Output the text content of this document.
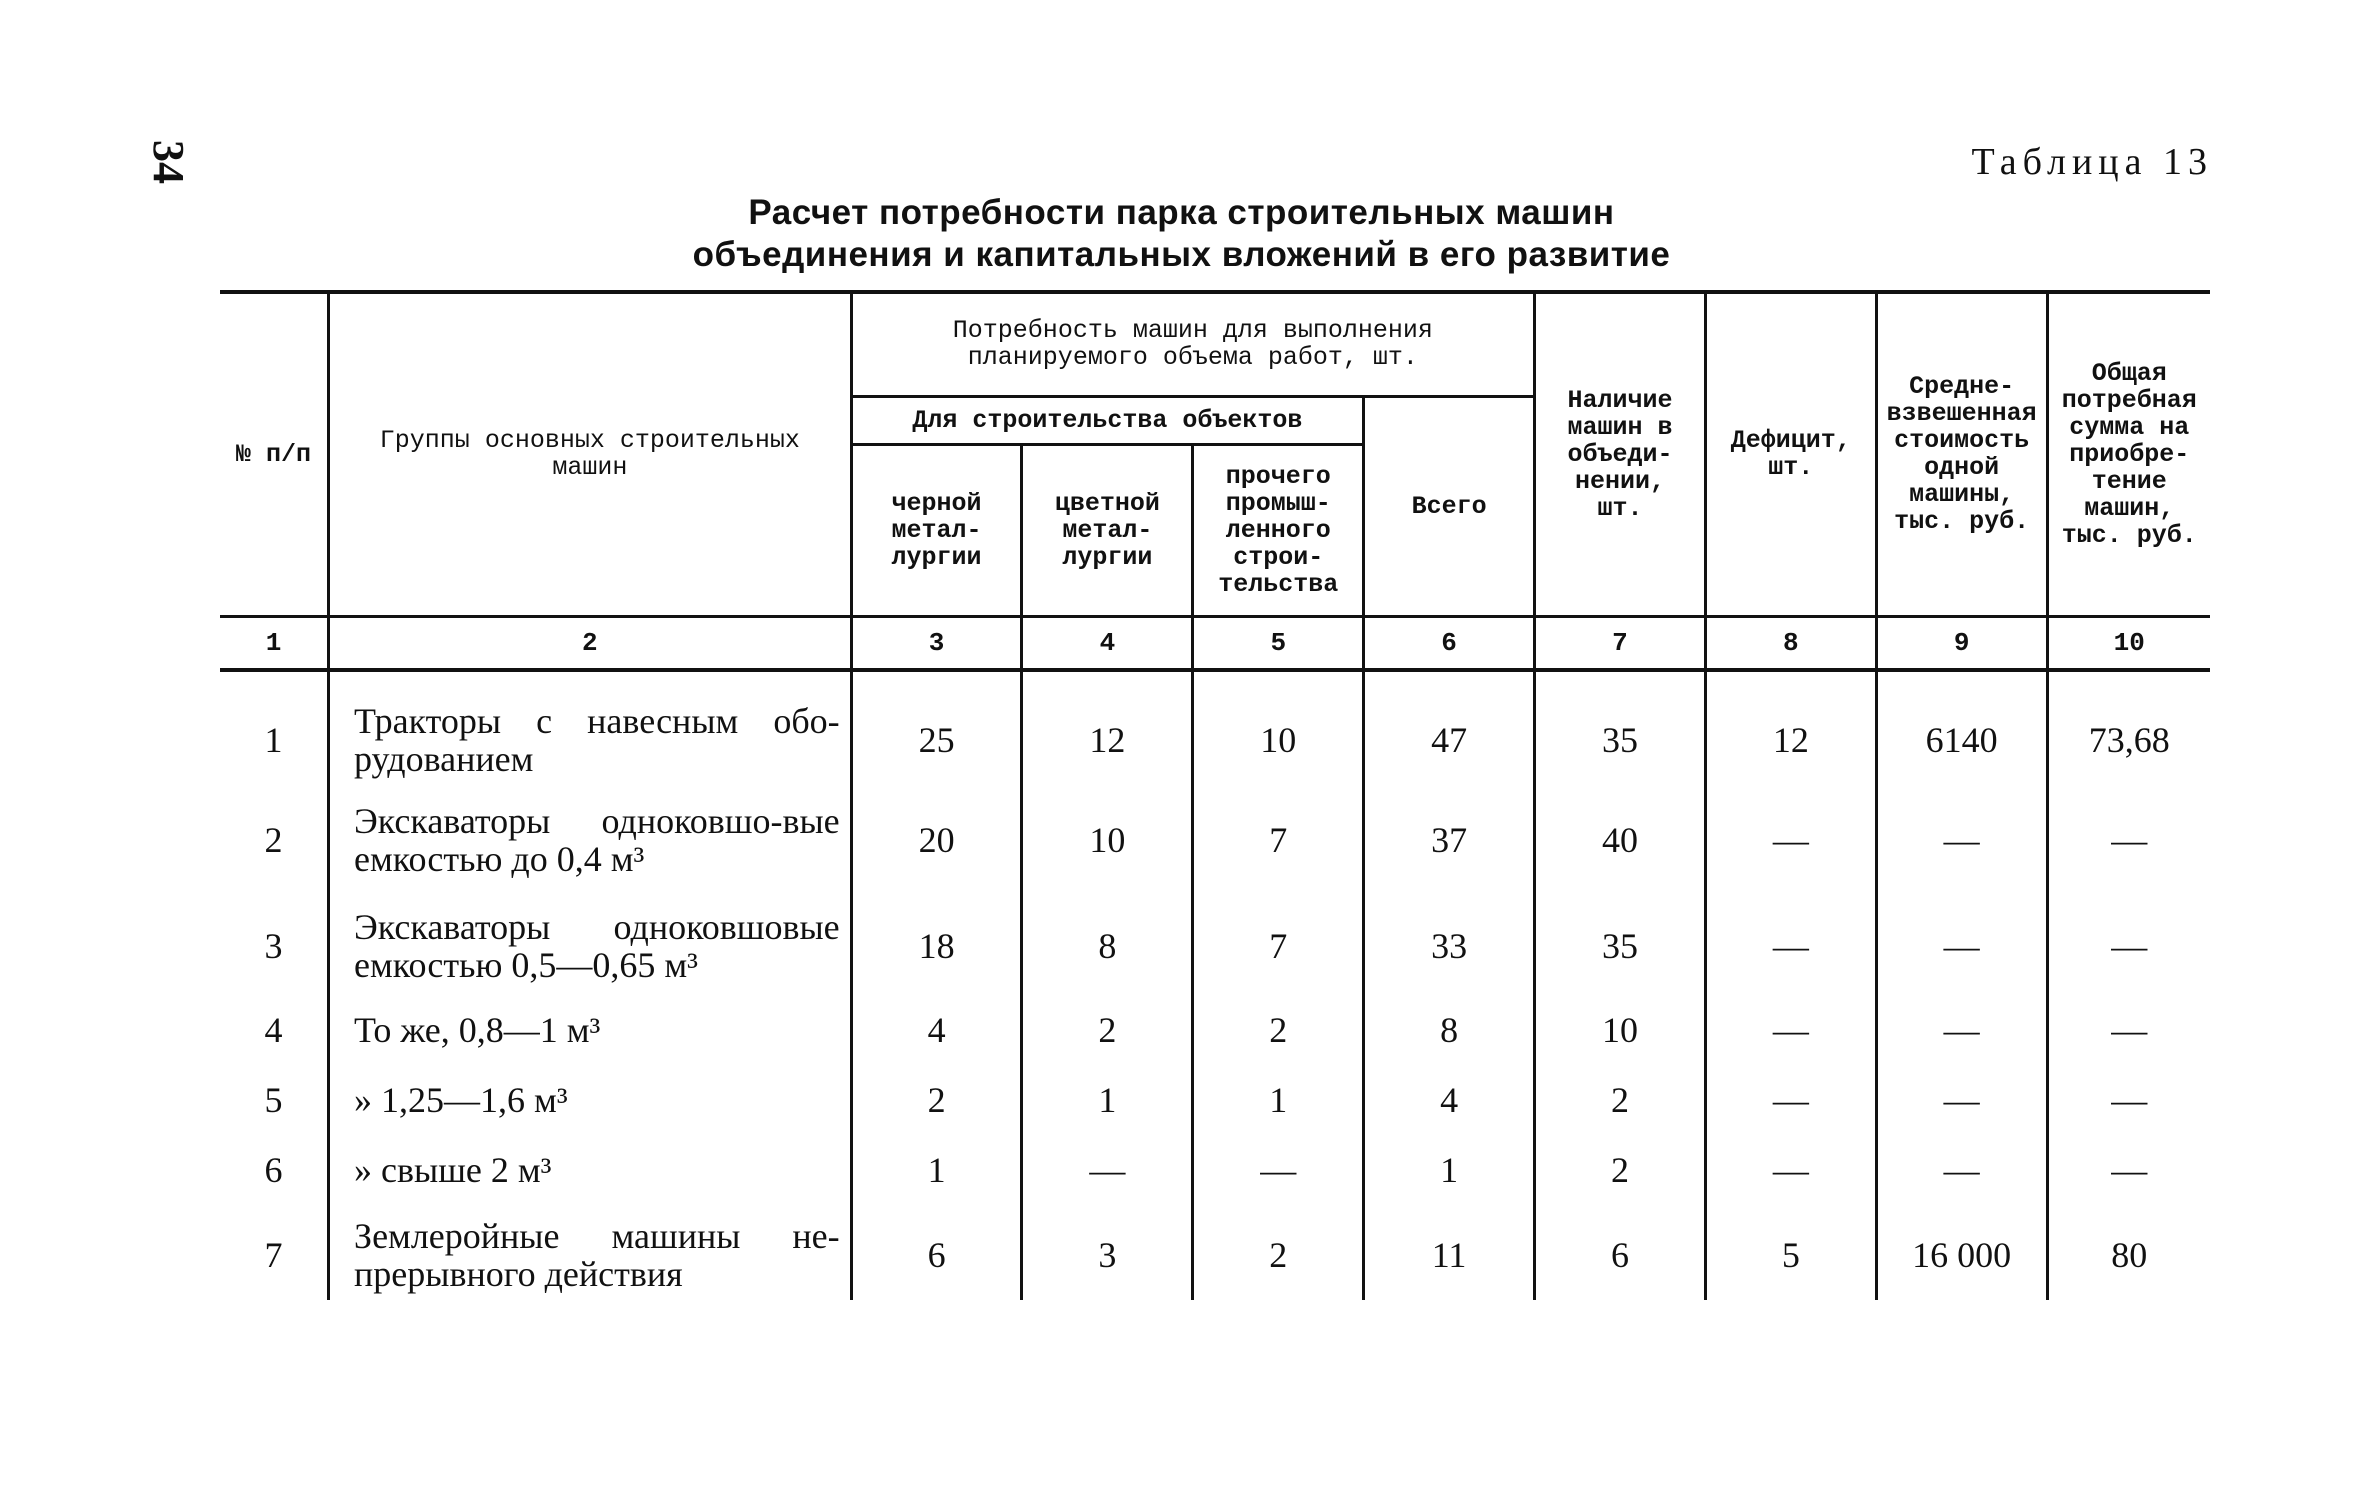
34	Таблица 13
Расчет потребности парка строительных машин
объединения и капитальных вложений в его развитие
№ п/п	Группы основных строительных машин	Потребность машин для выполнения планируемого объема работ, шт.				Наличие машин в объеди-нении, шт.	Дефицит, шт.	Средне-взвешенная стоимость одной машины, тыс. руб.	Общая потребная сумма на приобре-тение машин, тыс. руб.
		Для строительства объектов			Всего				
		черной метал-лургии	цветной метал-лургии	прочего промыш-ленного строи-тельства					
1	2	3	4	5	6	7	8	9	10
1	Тракторы с навесным обо-рудованием	25	12	10	47	35	12	6140	73,68
2	Экскаваторы одноковшо-вые емкостью до 0,4 м³	20	10	7	37	40	—	—	—
3	Экскаваторы одноковшовые емкостью 0,5—0,65 м³	18	8	7	33	35	—	—	—
4	То же, 0,8—1 м³	4	2	2	8	10	—	—	—
5	» 1,25—1,6 м³	2	1	1	4	2	—	—	—
6	» свыше 2 м³	1	—	—	1	2	—	—	—
7	Землеройные машины не-прерывного действия	6	3	2	11	6	5	16 000	80
